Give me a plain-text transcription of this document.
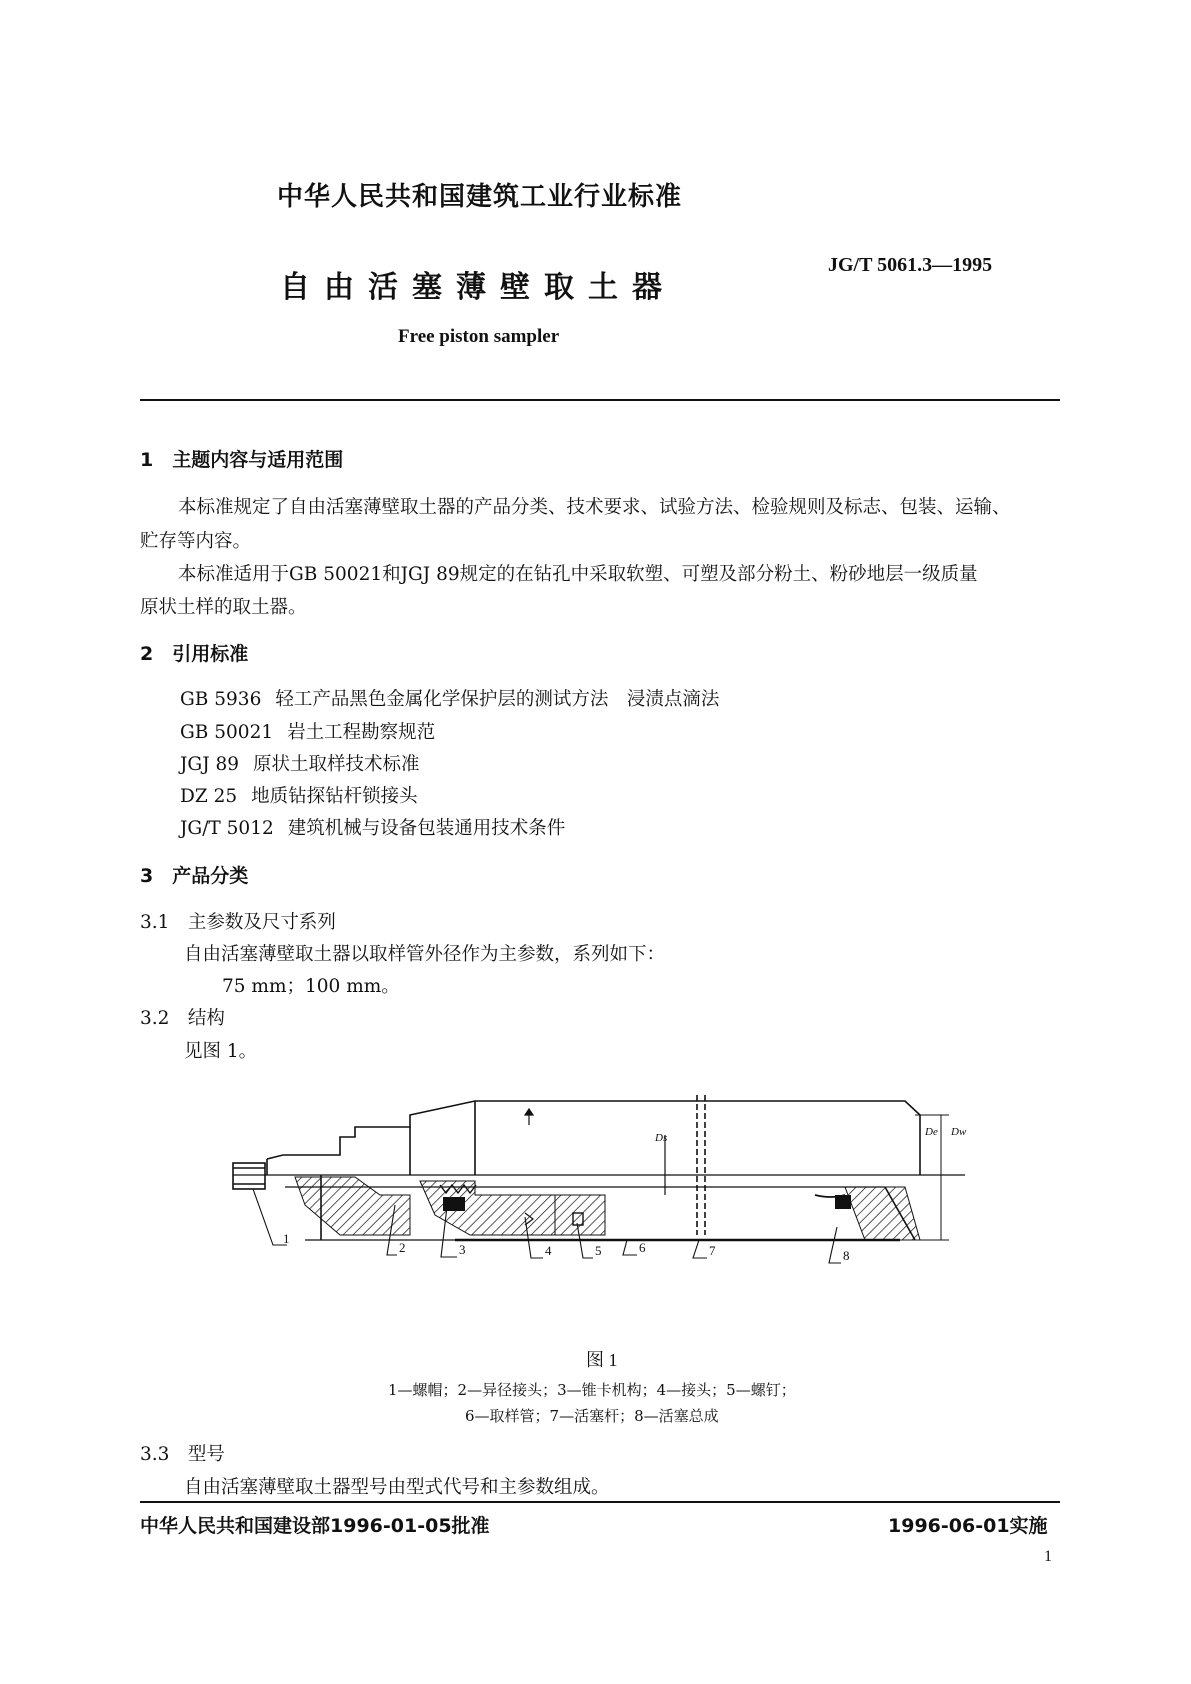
中华人民共和国建筑工业行业标准
自由活塞薄壁取土器
JG/T 5061.3—1995
Free piston sampler
1　主题内容与适用范围
本标准规定了自由活塞薄壁取土器的产品分类、技术要求、试验方法、检验规则及标志、包装、运输、
贮存等内容。
本标准适用于GB 50021和JGJ 89规定的在钻孔中采取软塑、可塑及部分粉土、粉砂地层一级质量
原状土样的取土器。
2　引用标准
GB 5936 轻工产品黑色金属化学保护层的测试方法　浸渍点滴法
GB 50021 岩土工程勘察规范
JGJ 89 原状土取样技术标准
DZ 25 地质钻探钻杆锁接头
JG/T 5012 建筑机械与设备包装通用技术条件
3　产品分类
3.1　主参数及尺寸系列
自由活塞薄壁取土器以取样管外径作为主参数，系列如下：
75 mm；100 mm。
3.2　结构
见图 1。
1
2	3	4	5	6	7	8
Ds	De Dw
图 1
1—螺帽；2—异径接头；3—锥卡机构；4—接头；5—螺钉；
6—取样管；7—活塞杆；8—活塞总成
3.3　型号
自由活塞薄壁取土器型号由型式代号和主参数组成。
中华人民共和国建设部1996-01-05批准	1996-06-01实施
1
